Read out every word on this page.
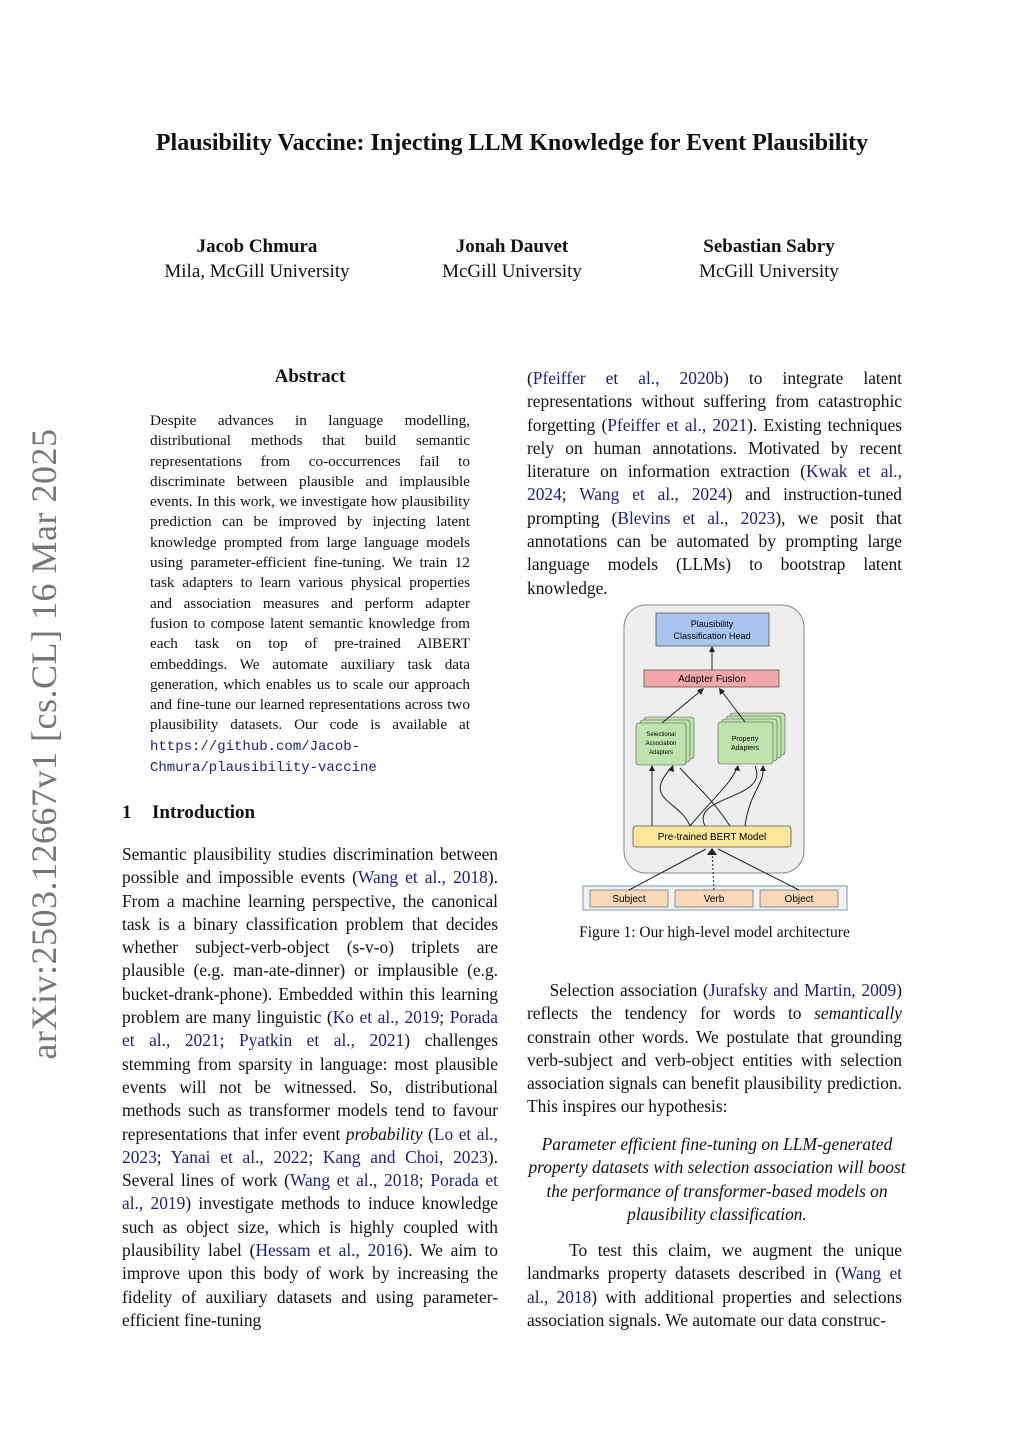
arXiv:2503.12667v1 [cs.CL] 16 Mar 2025
Plausibility Vaccine: Injecting LLM Knowledge for Event Plausibility
Jacob Chmura
Mila, McGill University
Jonah Dauvet
McGill University
Sebastian Sabry
McGill University
Abstract
Despite advances in language modelling, distributional methods that build semantic representations from co-occurrences fail to discriminate between plausible and implausible events. In this work, we investigate how plausibility prediction can be improved by injecting latent knowledge prompted from large language models using parameter-efficient fine-tuning. We train 12 task adapters to learn various physical properties and association measures and perform adapter fusion to compose latent semantic knowledge from each task on top of pre-trained AlBERT embeddings. We automate auxiliary task data generation, which enables us to scale our approach and fine-tune our learned representations across two plausibility datasets. Our code is available at https://github.com/Jacob-Chmura/plausibility-vaccine
1 Introduction

Semantic plausibility studies discrimination between possible and impossible events (Wang et al., 2018). From a machine learning perspective, the canonical task is a binary classification problem that decides whether subject-verb-object (s-v-o) triplets are plausible (e.g. man-ate-dinner) or implausible (e.g. bucket-drank-phone). Embedded within this learning problem are many linguistic (Ko et al., 2019; Porada et al., 2021; Pyatkin et al., 2021) challenges stemming from sparsity in language: most plausible events will not be witnessed. So, distributional methods such as transformer models tend to favour representations that infer event probability (Lo et al., 2023; Yanai et al., 2022; Kang and Choi, 2023). Several lines of work (Wang et al., 2018; Porada et al., 2019) investigate methods to induce knowledge such as object size, which is highly coupled with plausibility label (Hessam et al., 2016). We aim to improve upon this body of work by increasing the fidelity of auxiliary datasets and using parameter-efficient fine-tuning

(Pfeiffer et al., 2020b) to integrate latent representations without suffering from catastrophic forgetting (Pfeiffer et al., 2021). Existing techniques rely on human annotations. Motivated by recent literature on information extraction (Kwak et al., 2024; Wang et al., 2024) and instruction-tuned prompting (Blevins et al., 2023), we posit that annotations can be automated by prompting large language models (LLMs) to bootstrap latent knowledge.

Plausibility
Classification Head
Adapter Fusion
Selectional
Association
Adapters
Property
Adapters
Pre-trained BERT Model
Subject	Verb	Object
Figure 1: Our high-level model architecture

Selection association (Jurafsky and Martin, 2009) reflects the tendency for words to semantically constrain other words. We postulate that grounding verb-subject and verb-object entities with selection association signals can benefit plausibility prediction. This inspires our hypothesis:

Parameter efficient fine-tuning on LLM-generated property datasets with selection association will boost the performance of transformer-based models on plausibility classification.

To test this claim, we augment the unique landmarks property datasets described in (Wang et al., 2018) with additional properties and selections association signals. We automate our data construc-
